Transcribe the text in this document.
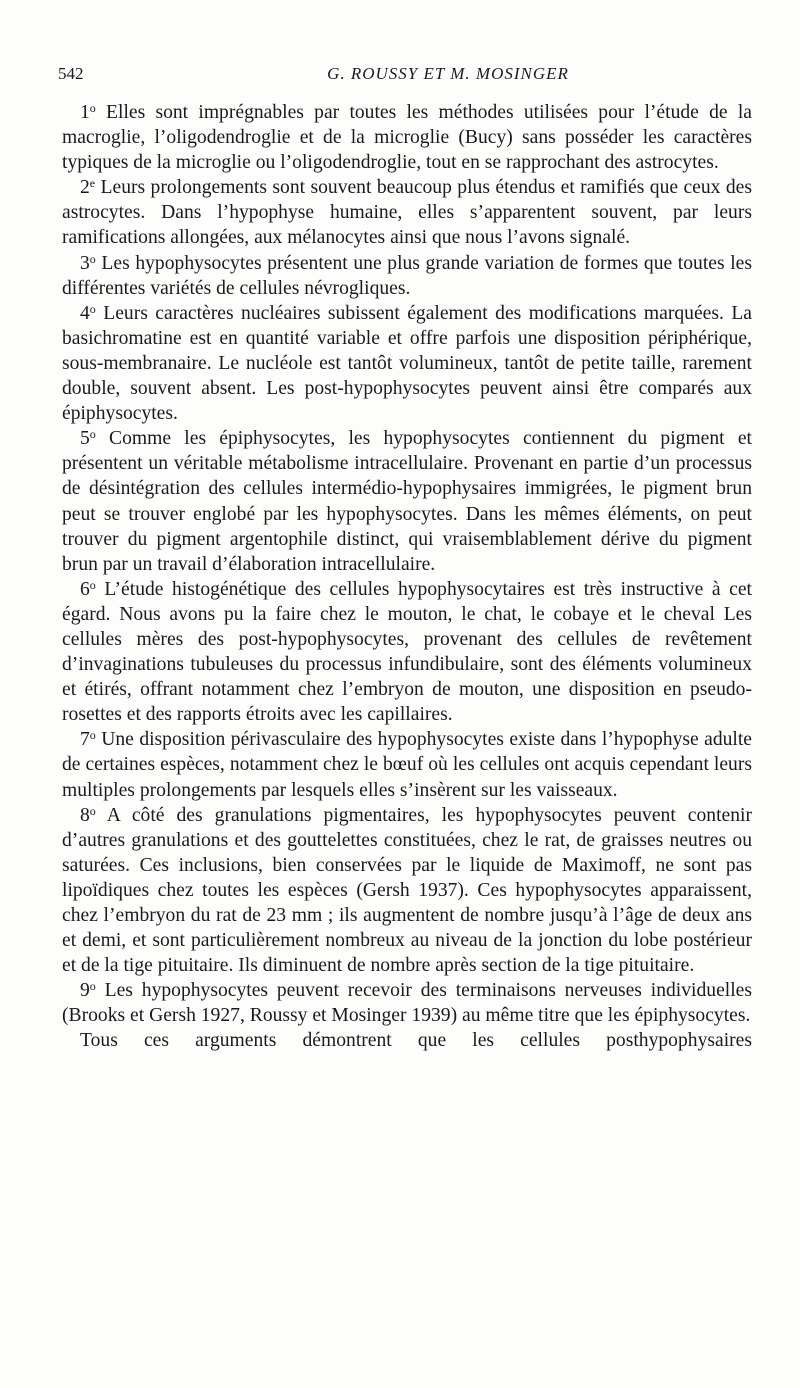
542	G. ROUSSY ET M. MOSINGER

1$^o$ Elles sont imprégnables par toutes les méthodes utilisées pour l’étude de la macroglie, l’oligodendroglie et de la microglie (Bucy) sans posséder les caractères typiques de la microglie ou l’oligodendroglie, tout en se rapprochant des astrocytes.

2e Leurs prolongements sont souvent beaucoup plus étendus et ramifiés que ceux des astrocytes. Dans l’hypophyse humaine, elles s’apparentent souvent, par leurs ramifications allongées, aux mélanocytes ainsi que nous l’avons signalé.

3$^o$ Les hypophysocytes présentent une plus grande variation de formes que toutes les différentes variétés de cellules névrogliques.

4$^o$ Leurs caractères nucléaires subissent également des modifications marquées. La basichromatine est en quantité variable et offre parfois une disposition périphérique, sous-membranaire. Le nucléole est tantôt volumineux, tantôt de petite taille, rarement double, souvent absent. Les post-hypophysocytes peuvent ainsi être comparés aux épiphysocytes.

5$^o$ Comme les épiphysocytes, les hypophysocytes contiennent du pigment et présentent un véritable métabolisme intracellulaire. Provenant en partie d’un processus de désintégration des cellules intermédio-hypophysaires immigrées, le pigment brun peut se trouver englobé par les hypophysocytes. Dans les mêmes éléments, on peut trouver du pigment argentophile distinct, qui vraisemblablement dérive du pigment brun par un travail d’élaboration intracellulaire.

6$^o$ L’étude histogénétique des cellules hypophysocytaires est très instructive à cet égard. Nous avons pu la faire chez le mouton, le chat, le cobaye et le cheval Les cellules mères des post-hypophysocytes, provenant des cellules de revêtement d’invaginations tubuleuses du processus infundibulaire, sont des éléments volumineux et étirés, offrant notamment chez l’embryon de mouton, une disposition en pseudo-rosettes et des rapports étroits avec les capillaires.

7$^o$ Une disposition périvasculaire des hypophysocytes existe dans l’hypophyse adulte de certaines espèces, notamment chez le bœuf où les cellules ont acquis cependant leurs multiples prolongements par lesquels elles s’insèrent sur les vaisseaux.

8$^o$ A côté des granulations pigmentaires, les hypophysocytes peuvent contenir d’autres granulations et des gouttelettes constituées, chez le rat, de graisses neutres ou saturées. Ces inclusions, bien conservées par le liquide de Maximoff, ne sont pas lipoïdiques chez toutes les espèces (Gersh 1937). Ces hypophysocytes apparaissent, chez l’embryon du rat de 23 mm ; ils augmentent de nombre jusqu’à l’âge de deux ans et demi, et sont particulièrement nombreux au niveau de la jonction du lobe postérieur et de la tige pituitaire. Ils diminuent de nombre après section de la tige pituitaire.

9$^o$ Les hypophysocytes peuvent recevoir des terminaisons nerveuses individuelles (Brooks et Gersh 1927, Roussy et Mosinger 1939) au même titre que les épiphysocytes.

Tous ces arguments démontrent que les cellules posthypophysaires
